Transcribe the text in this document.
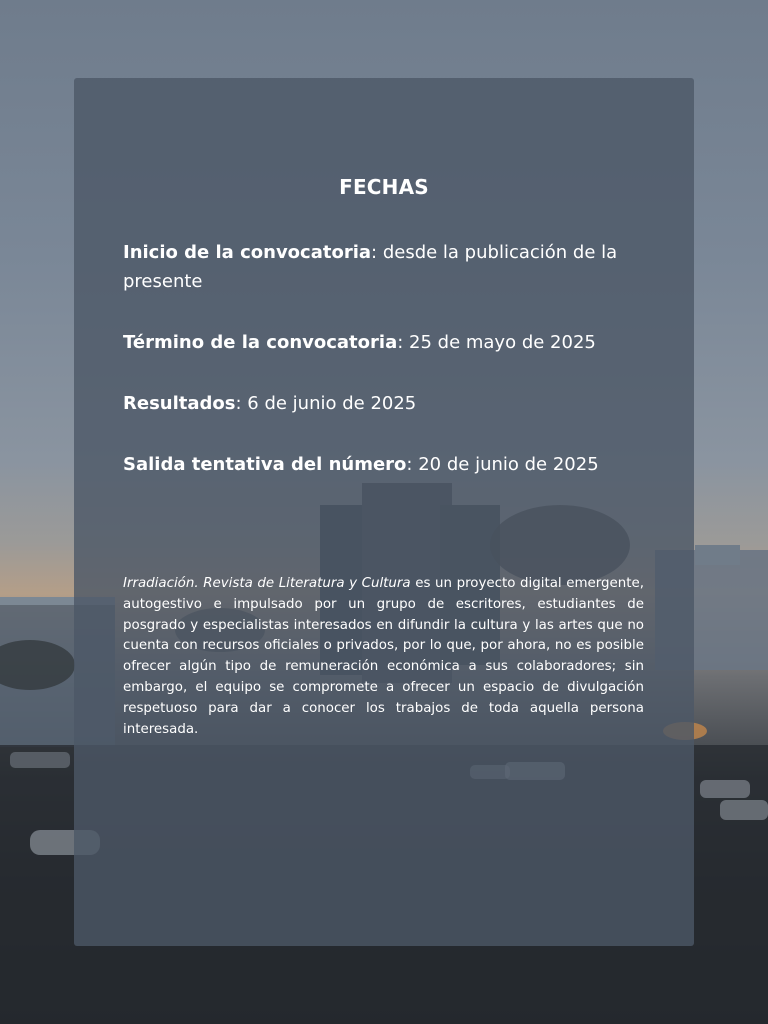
FECHAS

Inicio de la convocatoria: desde la publicación de la presente

Término de la convocatoria: 25 de mayo de 2025

Resultados: 6 de junio de 2025

Salida tentativa del número: 20 de junio de 2025

Irradiación. Revista de Literatura y Cultura es un proyecto digital emergente, autogestivo e impulsado por un grupo de escritores, estudiantes de posgrado y especialistas interesados en difundir la cultura y las artes que no cuenta con recursos oficiales o privados, por lo que, por ahora, no es posible ofrecer algún tipo de remuneración económica a sus colaboradores; sin embargo, el equipo se compromete a ofrecer un espacio de divulgación respetuoso para dar a conocer los trabajos de toda aquella persona interesada.
